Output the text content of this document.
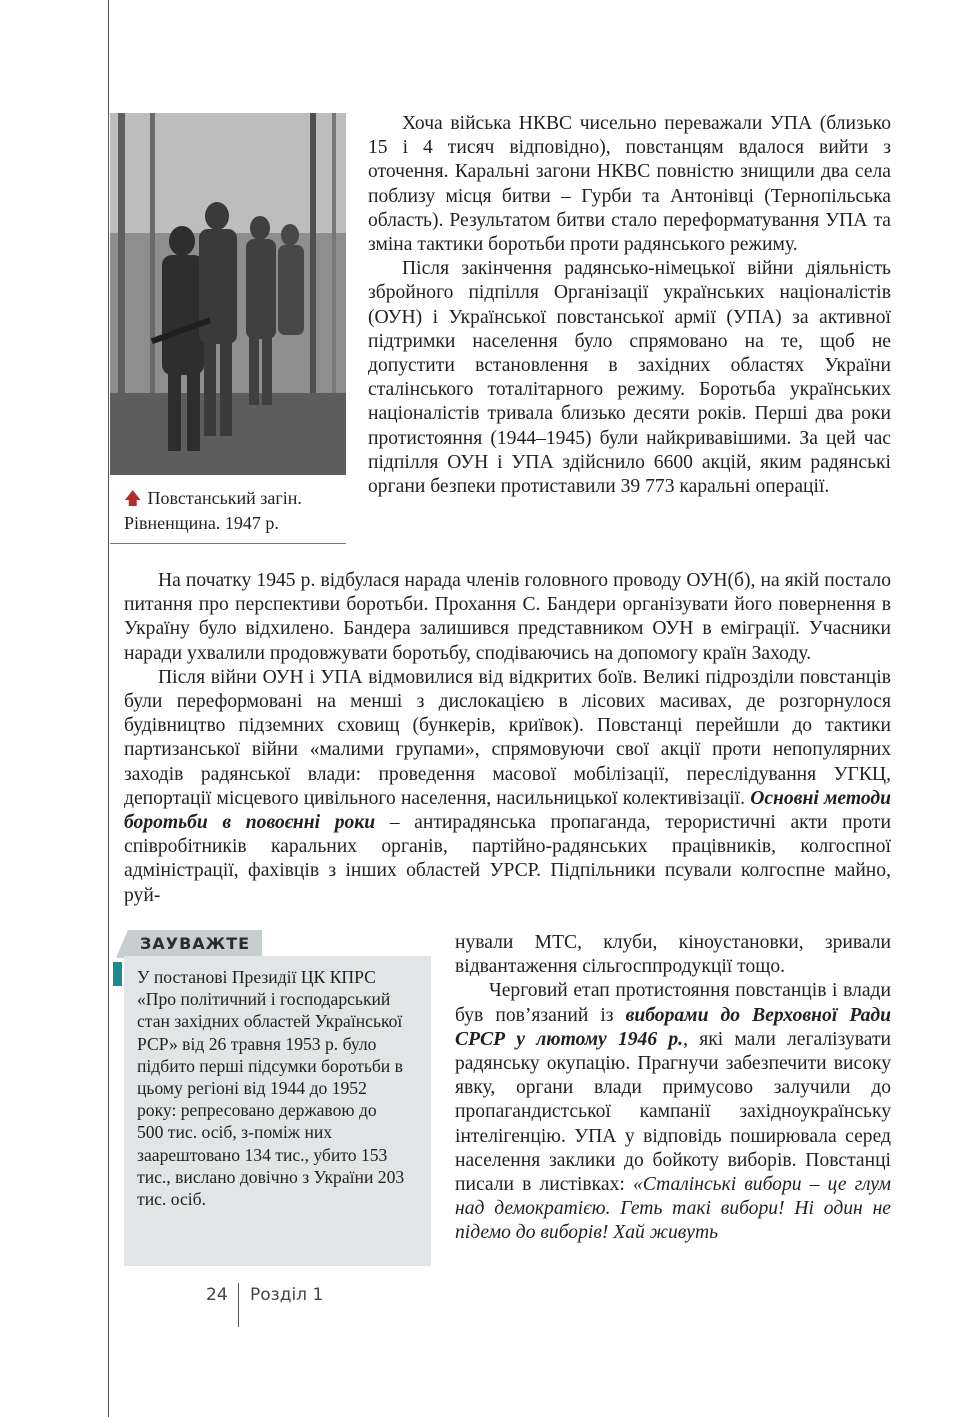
🡅 Повстанський загін.
Рівненщина. 1947 р.

Хоча війська НКВС чисельно переважали УПА (близько 15 і 4 тисяч відповідно), повстанцям вдалося вийти з оточення. Каральні загони НКВС повністю знищили два села поблизу місця битви – Гурби та Антонівці (Тернопільська область). Результатом битви стало переформатування УПА та зміна тактики боротьби проти радянського режиму.

Після закінчення радянсько-німецької війни діяльність збройного підпілля Організації українських націоналістів (ОУН) і Української повстанської армії (УПА) за активної підтримки населення було спрямовано на те, щоб не допустити встановлення в західних областях України сталінського тоталітарного режиму. Боротьба українських націоналістів тривала близько десяти років. Перші два роки протистояння (1944–1945) були найкривавішими. За цей час підпілля ОУН і УПА здійснило 6600 акцій, яким радянські органи безпеки протиставили 39 773 каральні операції.

На початку 1945 р. відбулася нарада членів головного проводу ОУН(б), на якій постало питання про перспективи боротьби. Прохання С. Бандери організувати його повернення в Україну було відхилено. Бандера залишився представником ОУН в еміграції. Учасники наради ухвалили продовжувати боротьбу, сподіваючись на допомогу країн Заходу.

Після війни ОУН і УПА відмовилися від відкритих боїв. Великі підрозділи повстанців були переформовані на менші з дислокацією в лісових масивах, де розгорнулося будівництво підземних сховищ (бункерів, криївок). Повстанці перейшли до тактики партизанської війни «малими групами», спрямовуючи свої акції проти непопулярних заходів радянської влади: проведення масової мобілізації, переслідування УГКЦ, депортації місцевого цивільного населення, насильницької колективізації. Основні методи боротьби в повоєнні роки – антирадянська пропаганда, терористичні акти проти співробітників каральних органів, партійно-радянських працівників, колгоспної адміністрації, фахівців з інших областей УРСР. Підпільники псували колгоспне майно, руй-

ЗАУВАЖТЕ
У постанові Президії ЦК КПРС «Про політичний і господарський стан західних областей Української РСР» від 26 травня 1953 р. було підбито перші підсумки боротьби в цьому регіоні від 1944 до 1952 року: репресовано державою до 500 тис. осіб, з-поміж них заарештовано 134 тис., убито 153 тис., вислано довічно з України 203 тис. осіб.

нували МТС, клуби, кіноустановки, зривали відвантаження сільгосппродукції тощо.

Черговий етап протистояння повстанців і влади був пов’язаний із виборами до Верховної Ради СРСР у лютому 1946 р., які мали легалізувати радянську окупацію. Прагнучи забезпечити високу явку, органи влади примусово залучили до пропагандистської кампанії західноукраїнську інтелігенцію. УПА у відповідь поширювала серед населення заклики до бойкоту виборів. Повстанці писали в листівках: «Сталінські вибори – це глум над демократією. Геть такі вибори! Ні один не підемо до виборів! Хай живуть

24 Розділ 1
